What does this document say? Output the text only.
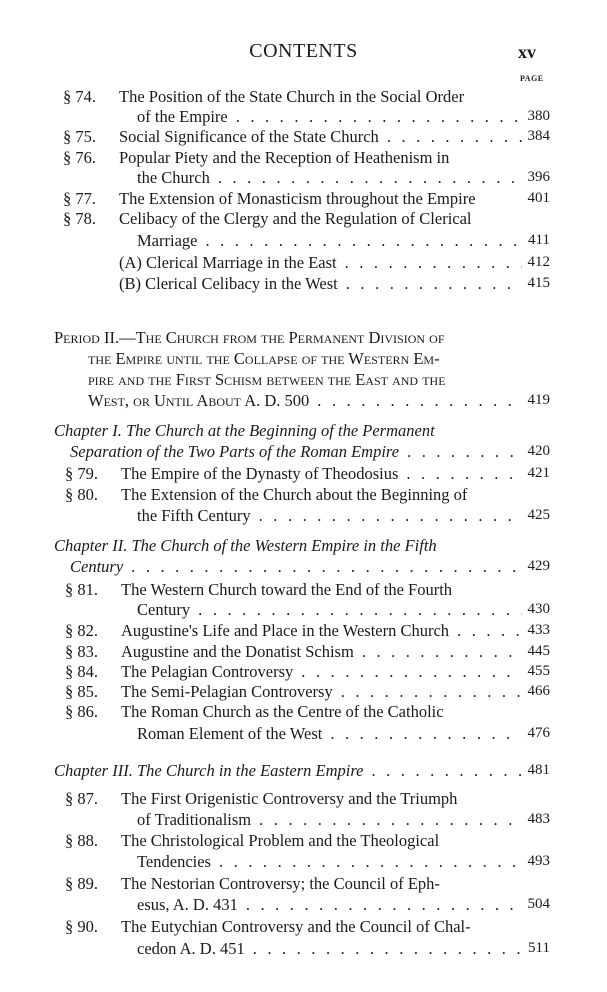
CONTENTS	xv
PAGE
§ 74. The Position of the State Church in the Social Order
of the Empire . . .	380
§ 75. Social Significance of the State Church . . .	384
§ 76. Popular Piety and the Reception of Heathenism in
the Church . . .	396
§ 77. The Extension of Monasticism throughout the Empire	401
§ 78. Celibacy of the Clergy and the Regulation of Clerical
Marriage . . .	411
(A) Clerical Marriage in the East . . .	412
(B) Clerical Celibacy in the West . . .	415
Period II.—The Church from the Permanent Division of
the Empire until the Collapse of the Western Em-
pire and the First Schism between the East and the
West, or Until About A. D. 500 . . .	419
Chapter I. The Church at the Beginning of the Permanent
Separation of the Two Parts of the Roman Empire . . .	420
§ 79. The Empire of the Dynasty of Theodosius . . .	421
§ 80. The Extension of the Church about the Beginning of
the Fifth Century . . .	425
Chapter II. The Church of the Western Empire in the Fifth
Century . . .	429
§ 81. The Western Church toward the End of the Fourth
Century . . .	430
§ 82. Augustine's Life and Place in the Western Church . . .	433
§ 83. Augustine and the Donatist Schism . . .	445
§ 84. The Pelagian Controversy . . .	455
§ 85. The Semi-Pelagian Controversy . . .	466
§ 86. The Roman Church as the Centre of the Catholic
Roman Element of the West . . .	476
Chapter III. The Church in the Eastern Empire . . .	481
§ 87. The First Origenistic Controversy and the Triumph
of Traditionalism . . .	483
§ 88. The Christological Problem and the Theological
Tendencies . . .	493
§ 89. The Nestorian Controversy; the Council of Eph-
esus, A. D. 431 . . .	504
§ 90. The Eutychian Controversy and the Council of Chal-
cedon A. D. 451 . . .	511
